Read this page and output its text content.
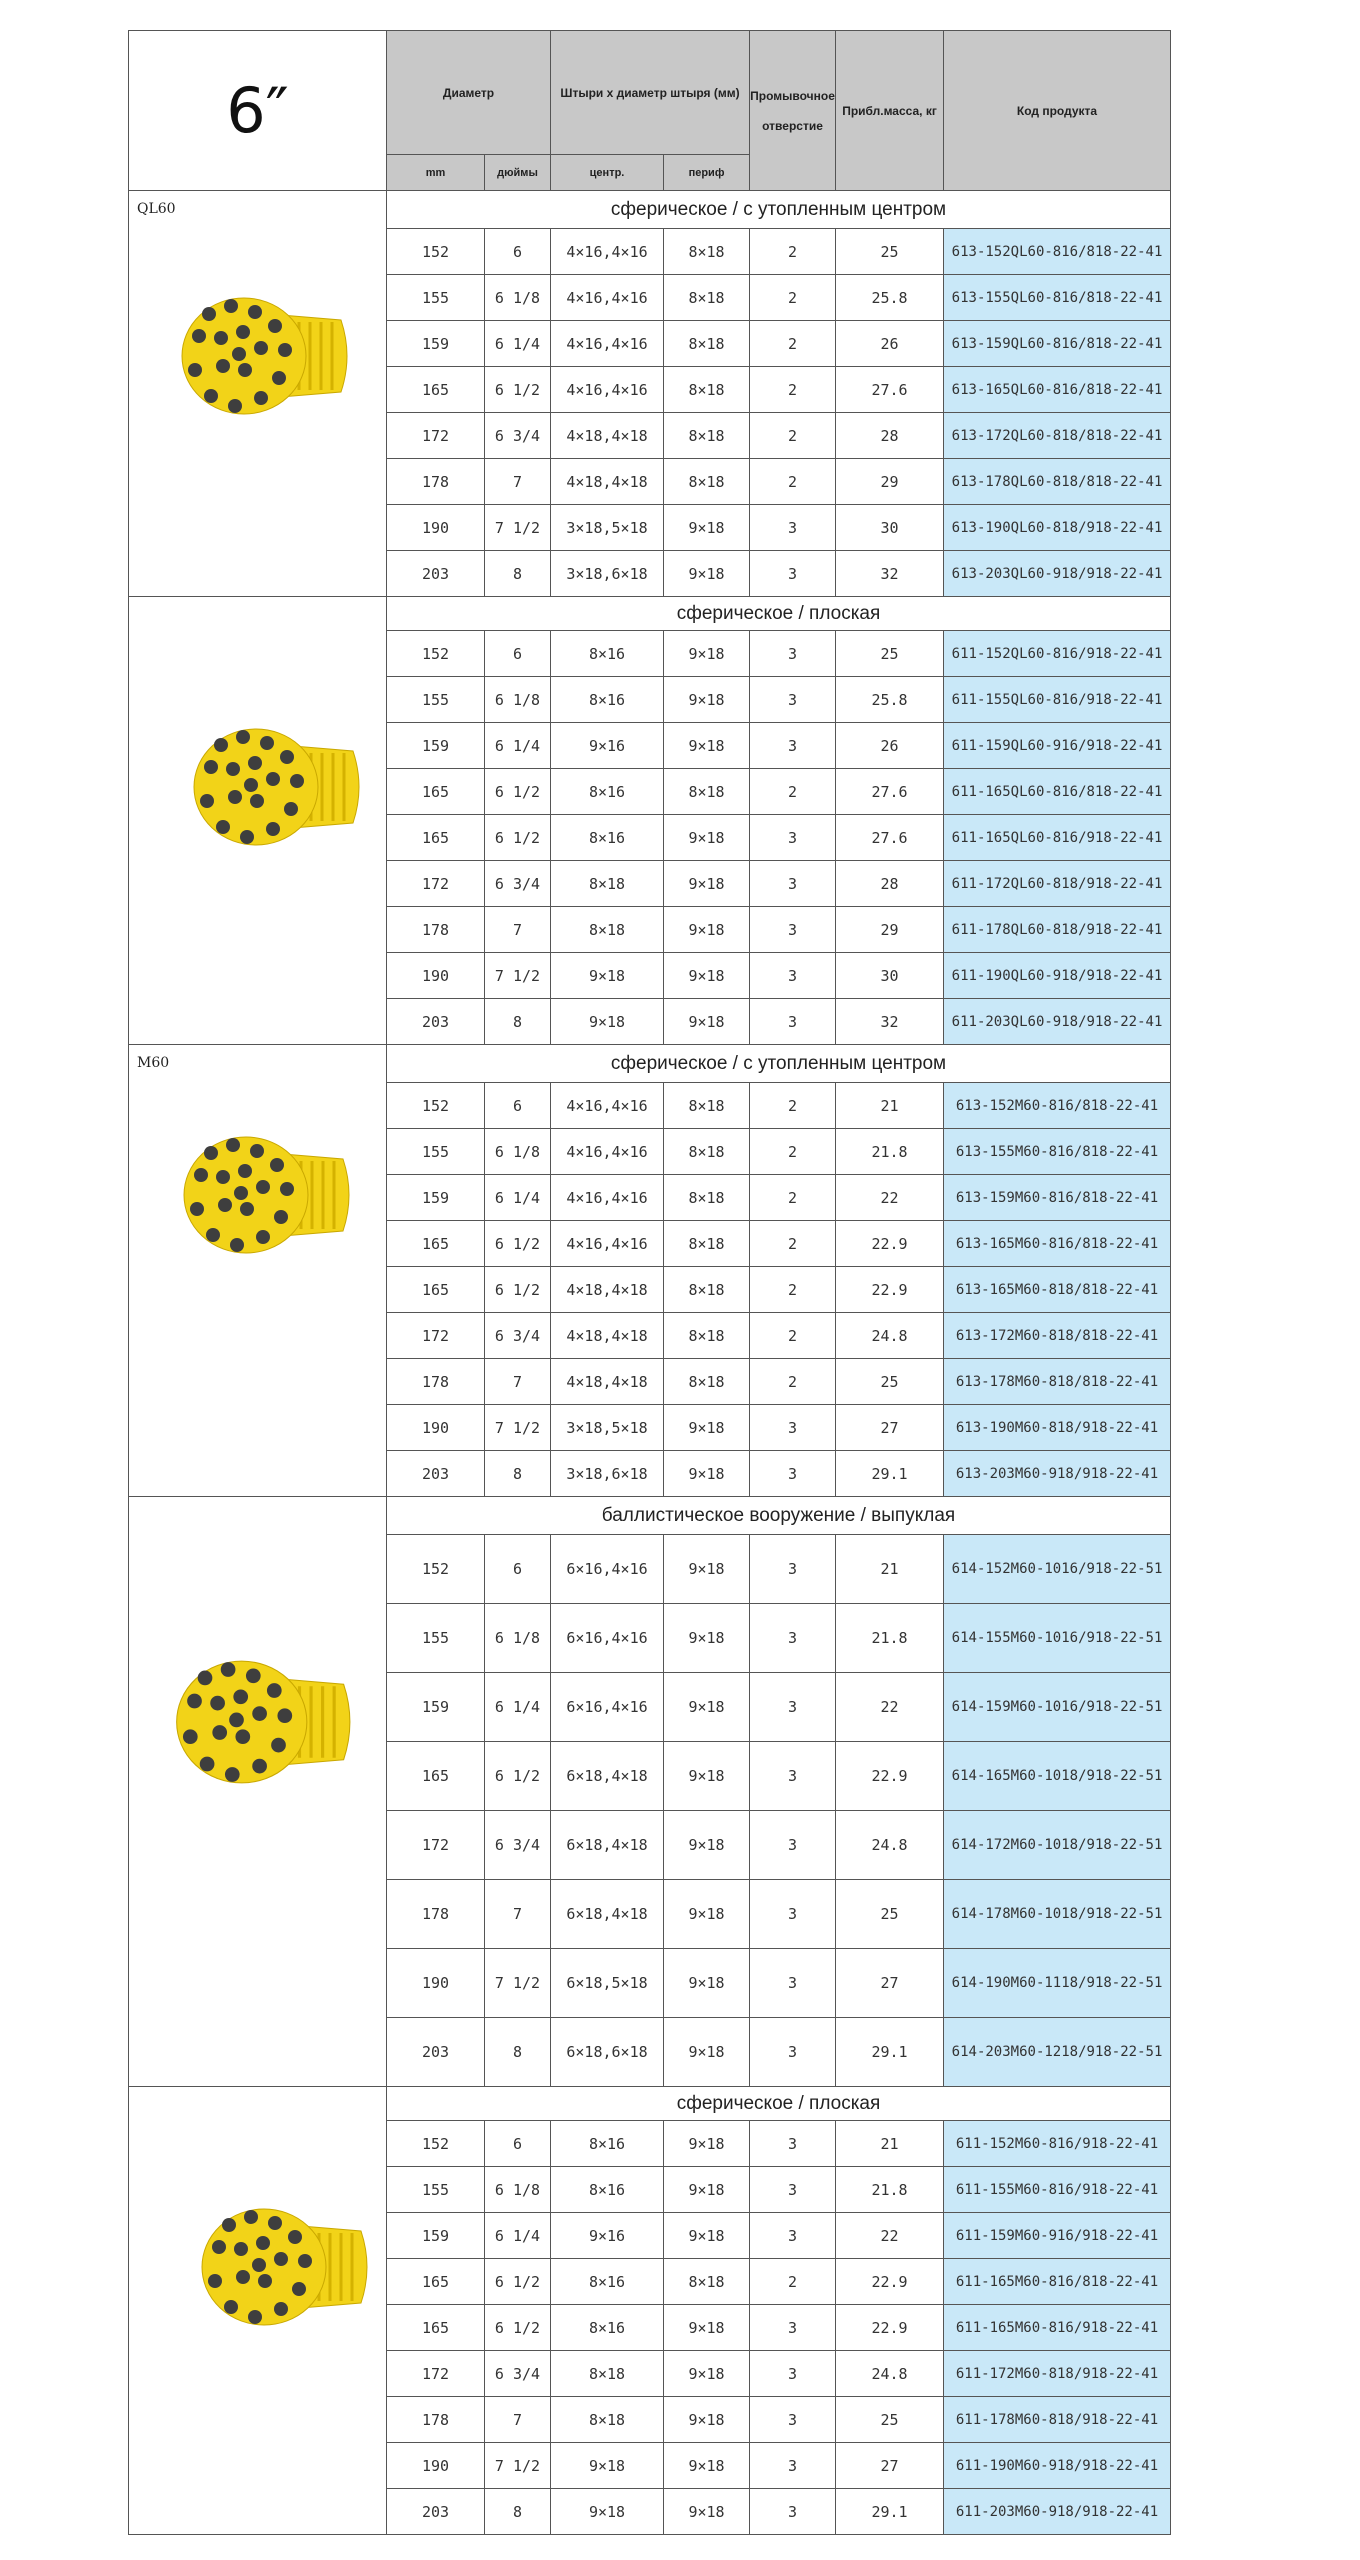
6″	Диаметр		Штыри x диаметр штыря (мм)		Промывочное отверстие	Прибл.масса, кг	Код продукта
	mm	дюймы	центр.	периф			

QL60	сферическое / с утопленным центром						
	152	6	4×16,4×16	8×18	2	25	613-152QL60-816/818-22-41
	155	6 1/8	4×16,4×16	8×18	2	25.8	613-155QL60-816/818-22-41
	159	6 1/4	4×16,4×16	8×18	2	26	613-159QL60-816/818-22-41
	165	6 1/2	4×16,4×16	8×18	2	27.6	613-165QL60-816/818-22-41
	172	6 3/4	4×18,4×18	8×18	2	28	613-172QL60-818/818-22-41
	178	7	4×18,4×18	8×18	2	29	613-178QL60-818/818-22-41
	190	7 1/2	3×18,5×18	9×18	3	30	613-190QL60-818/918-22-41
	203	8	3×18,6×18	9×18	3	32	613-203QL60-918/918-22-41

	сферическое / плоская						
	152	6	8×16	9×18	3	25	611-152QL60-816/918-22-41
	155	6 1/8	8×16	9×18	3	25.8	611-155QL60-816/918-22-41
	159	6 1/4	9×16	9×18	3	26	611-159QL60-916/918-22-41
	165	6 1/2	8×16	8×18	2	27.6	611-165QL60-816/818-22-41
	165	6 1/2	8×16	9×18	3	27.6	611-165QL60-816/918-22-41
	172	6 3/4	8×18	9×18	3	28	611-172QL60-818/918-22-41
	178	7	8×18	9×18	3	29	611-178QL60-818/918-22-41
	190	7 1/2	9×18	9×18	3	30	611-190QL60-918/918-22-41
	203	8	9×18	9×18	3	32	611-203QL60-918/918-22-41

M60	сферическое / с утопленным центром						
	152	6	4×16,4×16	8×18	2	21	613-152M60-816/818-22-41
	155	6 1/8	4×16,4×16	8×18	2	21.8	613-155M60-816/818-22-41
	159	6 1/4	4×16,4×16	8×18	2	22	613-159M60-816/818-22-41
	165	6 1/2	4×16,4×16	8×18	2	22.9	613-165M60-816/818-22-41
	165	6 1/2	4×18,4×18	8×18	2	22.9	613-165M60-818/818-22-41
	172	6 3/4	4×18,4×18	8×18	2	24.8	613-172M60-818/818-22-41
	178	7	4×18,4×18	8×18	2	25	613-178M60-818/818-22-41
	190	7 1/2	3×18,5×18	9×18	3	27	613-190M60-818/918-22-41
	203	8	3×18,6×18	9×18	3	29.1	613-203M60-918/918-22-41

	баллистическое вооружение / выпуклая						
	152	6	6×16,4×16	9×18	3	21	614-152M60-1016/918-22-51
	155	6 1/8	6×16,4×16	9×18	3	21.8	614-155M60-1016/918-22-51
	159	6 1/4	6×16,4×16	9×18	3	22	614-159M60-1016/918-22-51
	165	6 1/2	6×18,4×18	9×18	3	22.9	614-165M60-1018/918-22-51
	172	6 3/4	6×18,4×18	9×18	3	24.8	614-172M60-1018/918-22-51
	178	7	6×18,4×18	9×18	3	25	614-178M60-1018/918-22-51
	190	7 1/2	6×18,5×18	9×18	3	27	614-190M60-1118/918-22-51
	203	8	6×18,6×18	9×18	3	29.1	614-203M60-1218/918-22-51

	сферическое / плоская						
	152	6	8×16	9×18	3	21	611-152M60-816/918-22-41
	155	6 1/8	8×16	9×18	3	21.8	611-155M60-816/918-22-41
	159	6 1/4	9×16	9×18	3	22	611-159M60-916/918-22-41
	165	6 1/2	8×16	8×18	2	22.9	611-165M60-816/818-22-41
	165	6 1/2	8×16	9×18	3	22.9	611-165M60-816/918-22-41
	172	6 3/4	8×18	9×18	3	24.8	611-172M60-818/918-22-41
	178	7	8×18	9×18	3	25	611-178M60-818/918-22-41
	190	7 1/2	9×18	9×18	3	27	611-190M60-918/918-22-41
	203	8	9×18	9×18	3	29.1	611-203M60-918/918-22-41
